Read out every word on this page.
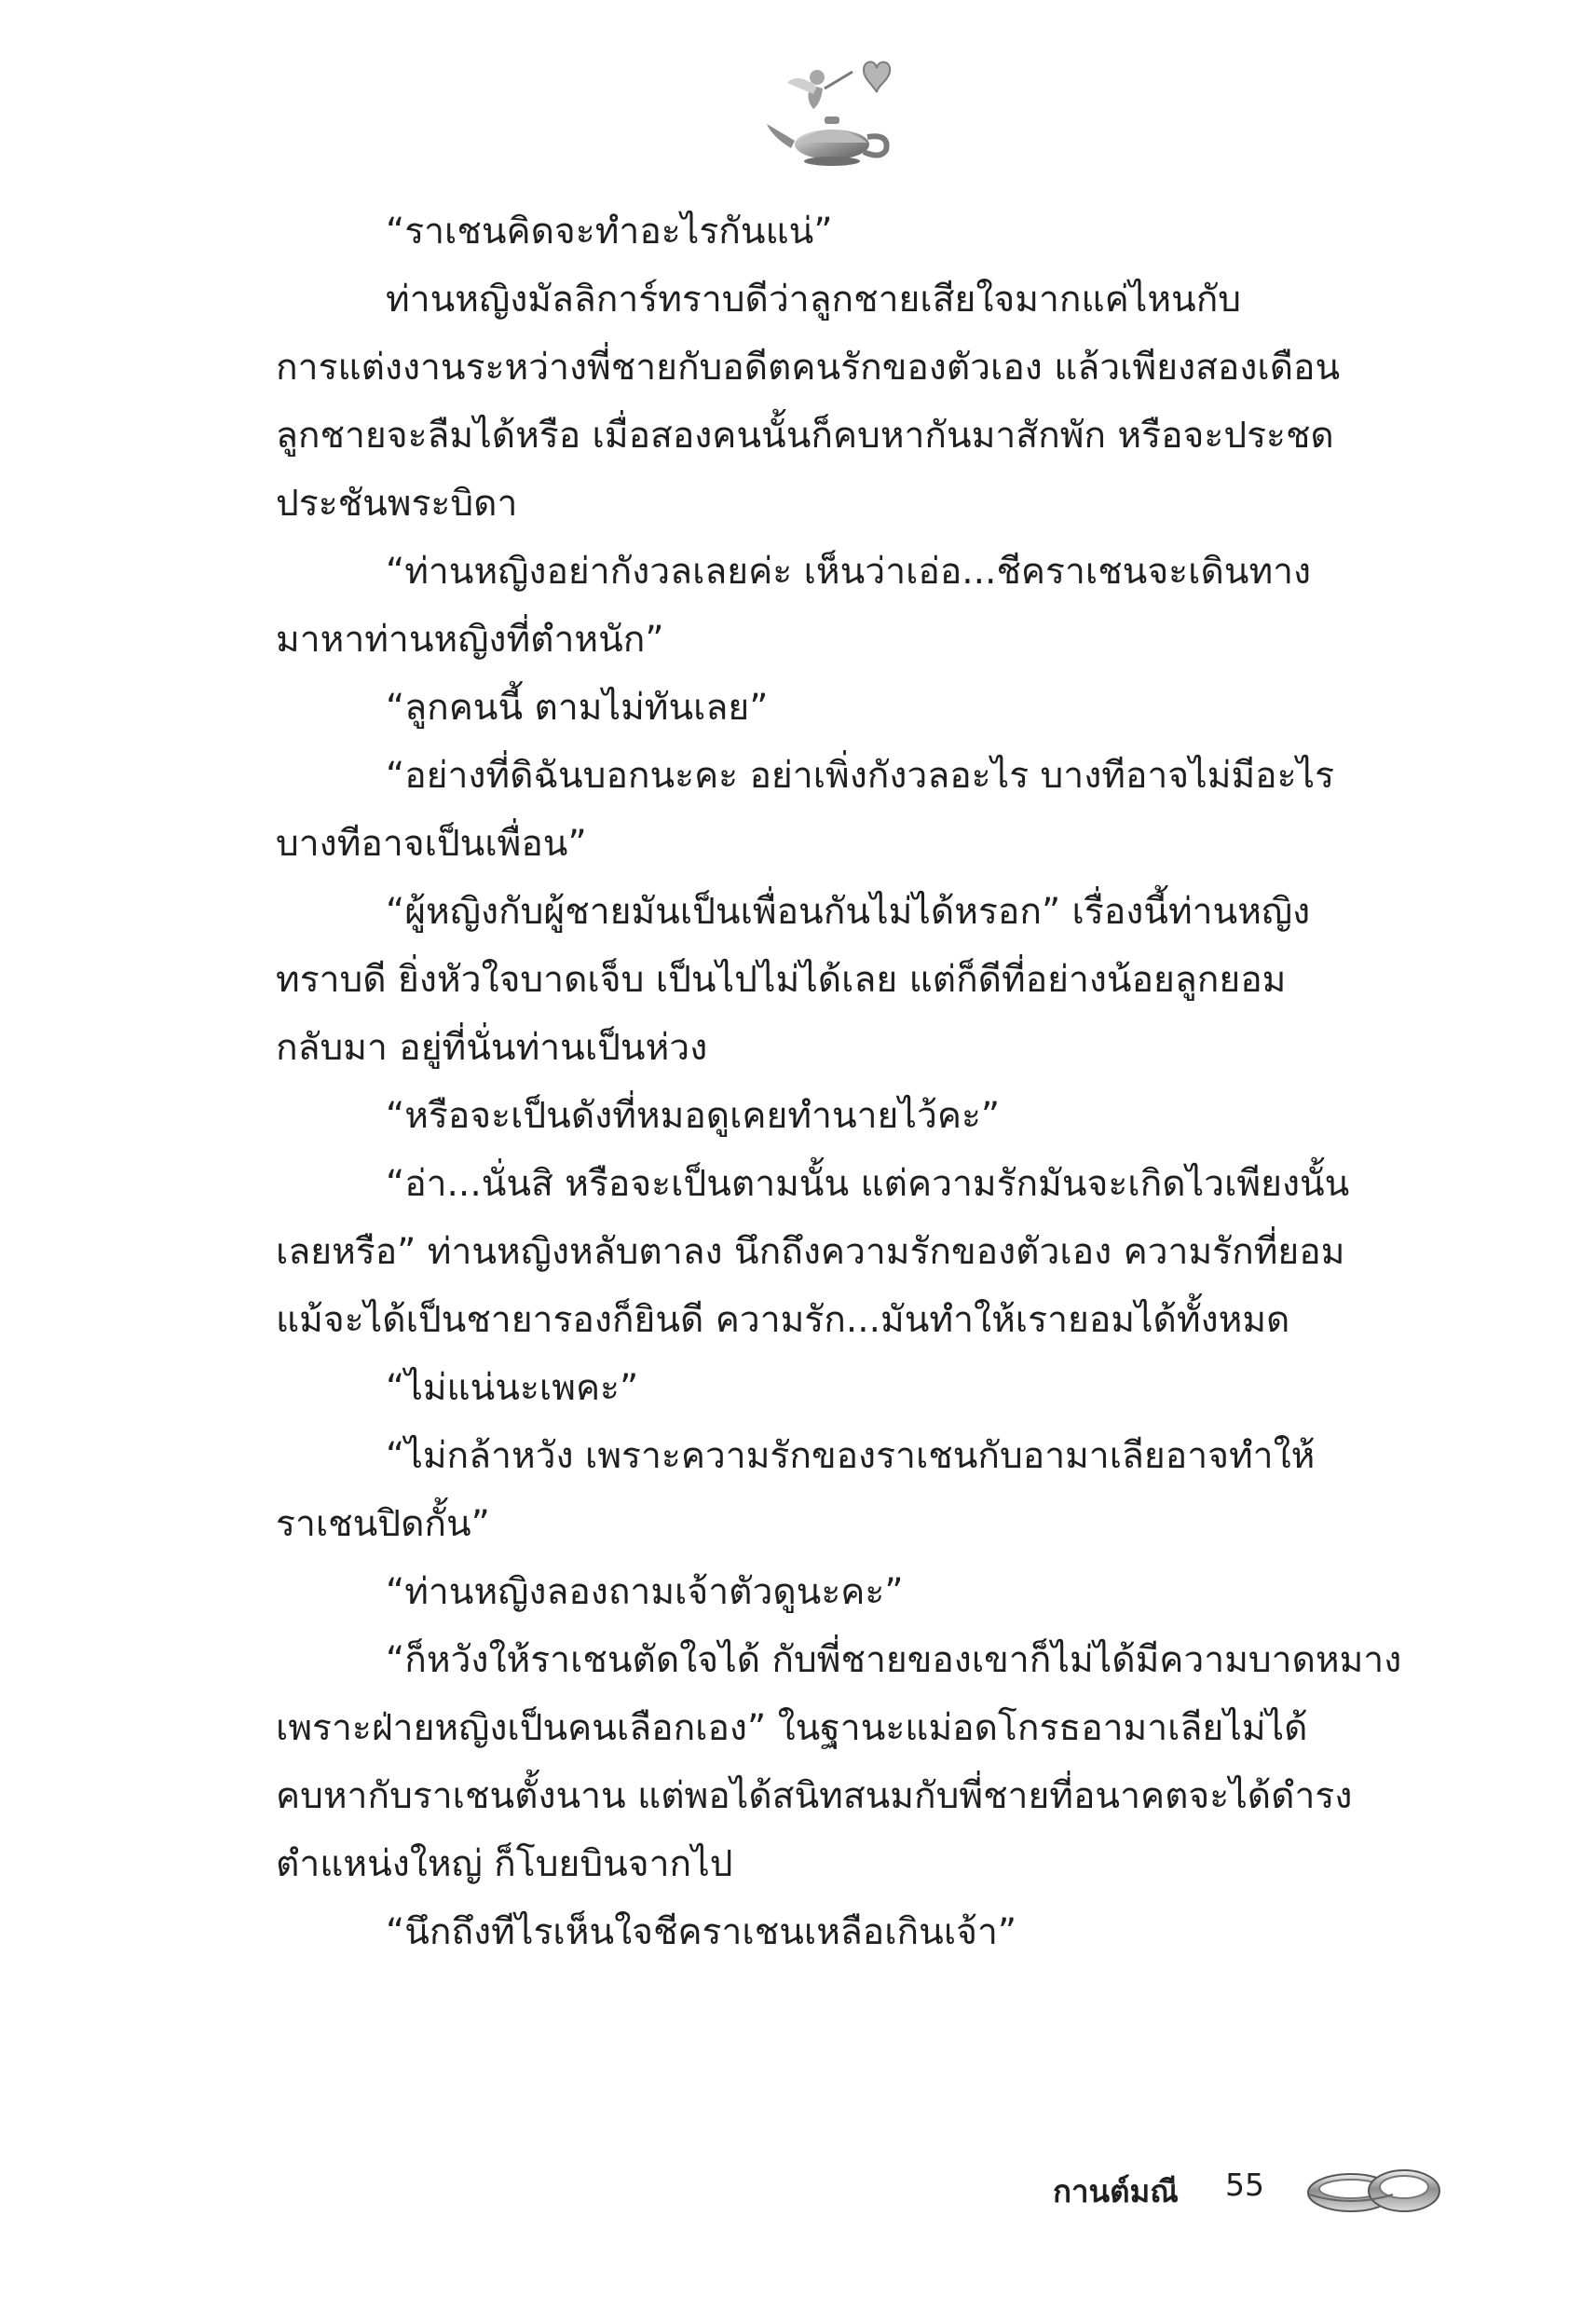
“ราเชนคิดจะทำอะไรกันแน่”
ท่านหญิงมัลลิการ์ทราบดีว่าลูกชายเสียใจมากแค่ไหนกับ
การแต่งงานระหว่างพี่ชายกับอดีตคนรักของตัวเอง แล้วเพียงสองเดือน
ลูกชายจะลืมได้หรือ เมื่อสองคนนั้นก็คบหากันมาสักพัก หรือจะประชด
ประชันพระบิดา
“ท่านหญิงอย่ากังวลเลยค่ะ เห็นว่าเอ่อ...ชีคราเชนจะเดินทาง
มาหาท่านหญิงที่ตำหนัก”
“ลูกคนนี้ ตามไม่ทันเลย”
“อย่างที่ดิฉันบอกนะคะ อย่าเพิ่งกังวลอะไร บางทีอาจไม่มีอะไร
บางทีอาจเป็นเพื่อน”
“ผู้หญิงกับผู้ชายมันเป็นเพื่อนกันไม่ได้หรอก” เรื่องนี้ท่านหญิง
ทราบดี ยิ่งหัวใจบาดเจ็บ เป็นไปไม่ได้เลย แต่ก็ดีที่อย่างน้อยลูกยอม
กลับมา อยู่ที่นั่นท่านเป็นห่วง
“หรือจะเป็นดังที่หมอดูเคยทำนายไว้คะ”
“อ่า...นั่นสิ หรือจะเป็นตามนั้น แต่ความรักมันจะเกิดไวเพียงนั้น
เลยหรือ” ท่านหญิงหลับตาลง นึกถึงความรักของตัวเอง ความรักที่ยอม
แม้จะได้เป็นชายารองก็ยินดี ความรัก...มันทำให้เรายอมได้ทั้งหมด
“ไม่แน่นะเพคะ”
“ไม่กล้าหวัง เพราะความรักของราเชนกับอามาเลียอาจทำให้
ราเชนปิดกั้น”
“ท่านหญิงลองถามเจ้าตัวดูนะคะ”
“ก็หวังให้ราเชนตัดใจได้ กับพี่ชายของเขาก็ไม่ได้มีความบาดหมาง
เพราะฝ่ายหญิงเป็นคนเลือกเอง” ในฐานะแม่อดโกรธอามาเลียไม่ได้
คบหากับราเชนตั้งนาน แต่พอได้สนิทสนมกับพี่ชายที่อนาคตจะได้ดำรง
ตำแหน่งใหญ่ ก็โบยบินจากไป
“นึกถึงทีไรเห็นใจชีคราเชนเหลือเกินเจ้า”
กานต์มณี 55
